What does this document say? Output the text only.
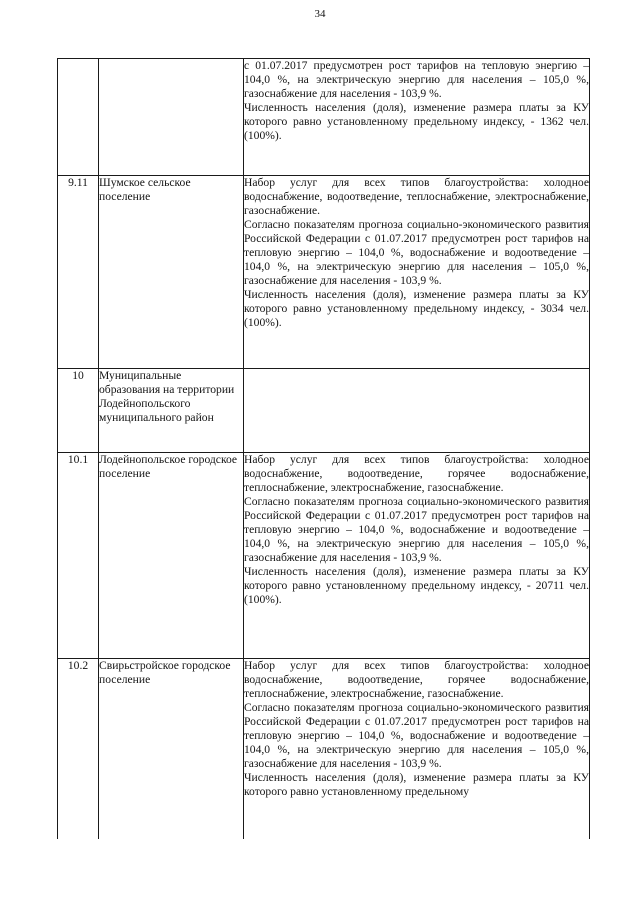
34

		с 01.07.2017 предусмотрен рост тарифов на тепловую энергию – 104,0 %, на электрическую энергию для населения – 105,0 %, газоснабжение для населения - 103,9 %.

Численность населения (доля), изменение размера платы за КУ которого равно установленному предельному индексу, - 1362 чел. (100%).

9.11	Шумское сельское поселение	Набор услуг для всех типов благоустройства: холодное водоснабжение, водоотведение, теплоснабжение, электроснабжение, газоснабжение.

Согласно показателям прогноза социально-экономического развития Российской Федерации с 01.07.2017 предусмотрен рост тарифов на тепловую энергию – 104,0 %, водоснабжение и водоотведение – 104,0 %, на электрическую энергию для населения – 105,0 %, газоснабжение для населения - 103,9 %.

Численность населения (доля), изменение размера платы за КУ которого равно установленному предельному индексу, - 3034 чел. (100%).

10	Муниципальные образования на территории Лодейнопольского муниципального район	
10.1	Лодейнопольское городское поселение	Набор услуг для всех типов благоустройства: холодное водоснабжение, водоотведение, горячее водоснабжение, теплоснабжение, электроснабжение, газоснабжение.

Согласно показателям прогноза социально-экономического развития Российской Федерации с 01.07.2017 предусмотрен рост тарифов на тепловую энергию – 104,0 %, водоснабжение и водоотведение – 104,0 %, на электрическую энергию для населения – 105,0 %, газоснабжение для населения - 103,9 %.

Численность населения (доля), изменение размера платы за КУ которого равно установленному предельному индексу, - 20711 чел. (100%).

10.2	Свирьстройское городское поселение	Набор услуг для всех типов благоустройства: холодное водоснабжение, водоотведение, горячее водоснабжение, теплоснабжение, электроснабжение, газоснабжение.

Согласно показателям прогноза социально-экономического развития Российской Федерации с 01.07.2017 предусмотрен рост тарифов на тепловую энергию – 104,0 %, водоснабжение и водоотведение – 104,0 %, на электрическую энергию для населения – 105,0 %, газоснабжение для населения - 103,9 %.

Численность населения (доля), изменение размера платы за КУ которого равно установленному предельному
